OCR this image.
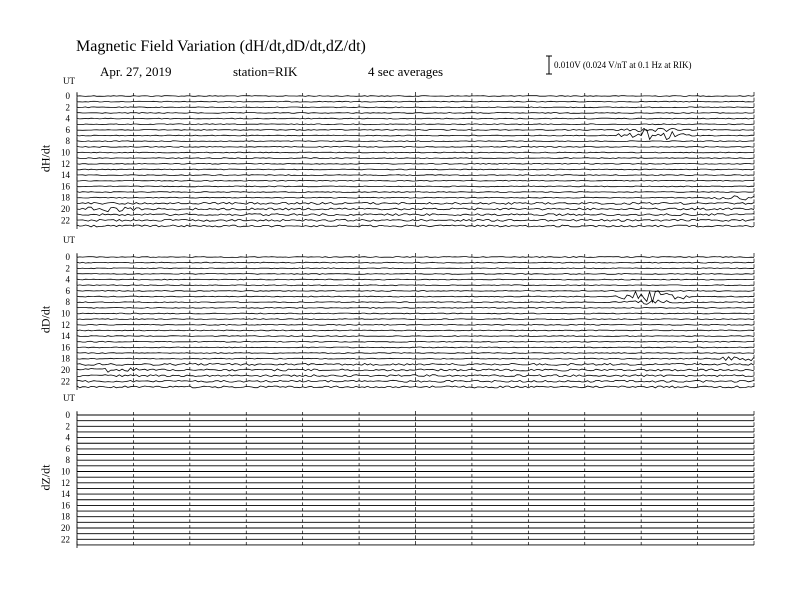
Magnetic Field Variation (dH/dt,dD/dt,dZ/dt)
Apr. 27, 2019	station=RIK	4 sec averages	0.010V (0.024 V/nT at 0.1 Hz at RIK)
0
2
4
6
8
10
12
14
16
18
20
22
0
2
4
6
8
10
12
14
16
18
20
22
0
2
4
6
8
10
12
14
16
18
20
22
UT
dH/dt
UT
dD/dt
UT
dZ/dt
